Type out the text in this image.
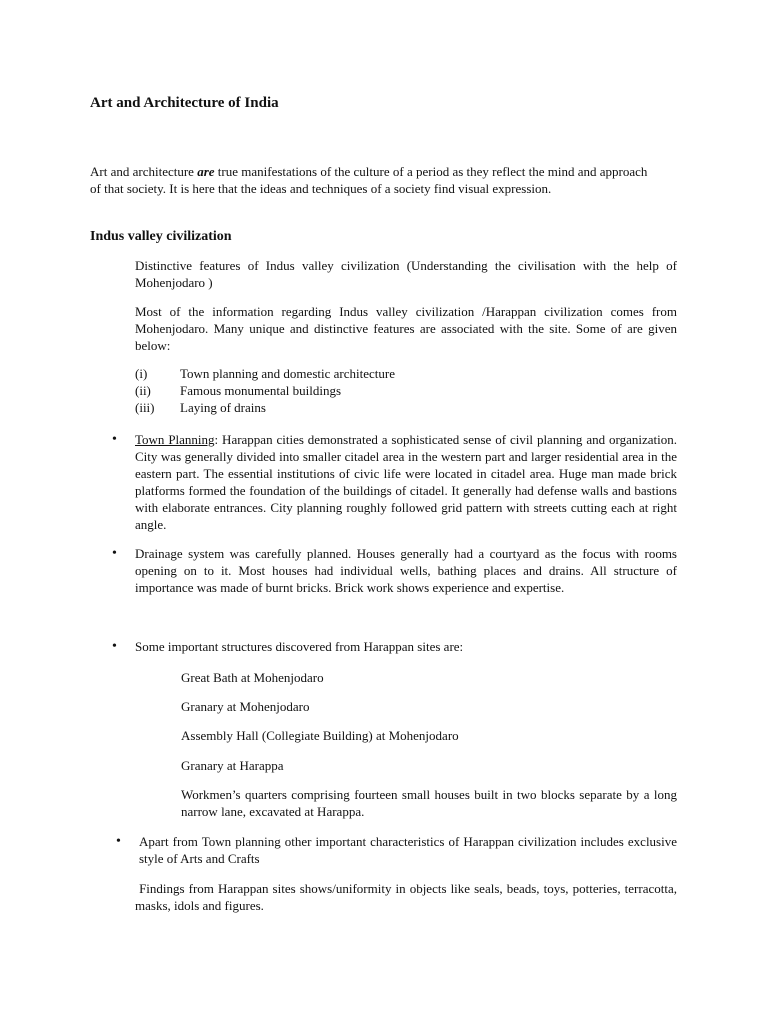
Art and Architecture of India
Art and architecture are true manifestations of the culture of a period as they reflect the mind and approach of that society. It is here that the ideas and techniques of a society find visual expression.
Indus valley civilization
Distinctive features of Indus valley civilization (Understanding the civilisation with the help of Mohenjodaro )
Most of the information regarding Indus valley civilization /Harappan civilization comes from Mohenjodaro. Many unique and distinctive features are associated with the site. Some of are given below:
(i)	Town planning and domestic architecture
(ii) Famous monumental buildings
(iii) Laying of drains
• Town Planning: Harappan cities demonstrated a sophisticated sense of civil planning and organization. City was generally divided into smaller citadel area in the western part and larger residential area in the eastern part. The essential institutions of civic life were located in citadel area. Huge man made brick platforms formed the foundation of the buildings of citadel. It generally had defense walls and bastions with elaborate entrances. City planning roughly followed grid pattern with streets cutting each at right angle.
• Drainage system was carefully planned. Houses generally had a courtyard as the focus with rooms opening on to it. Most houses had individual wells, bathing places and drains. All structure of importance was made of burnt bricks. Brick work shows experience and expertise.
• Some important structures discovered from Harappan sites are:
Great Bath at Mohenjodaro
Granary at Mohenjodaro
Assembly Hall (Collegiate Building) at Mohenjodaro
Granary at Harappa
Workmen’s quarters comprising fourteen small houses built in two blocks separate by a long narrow lane, excavated at Harappa.
• Apart from Town planning other important characteristics of Harappan civilization includes exclusive style of Arts and Crafts
Findings from Harappan sites shows/uniformity in objects like seals, beads, toys, potteries, terracotta, masks, idols and figures.
